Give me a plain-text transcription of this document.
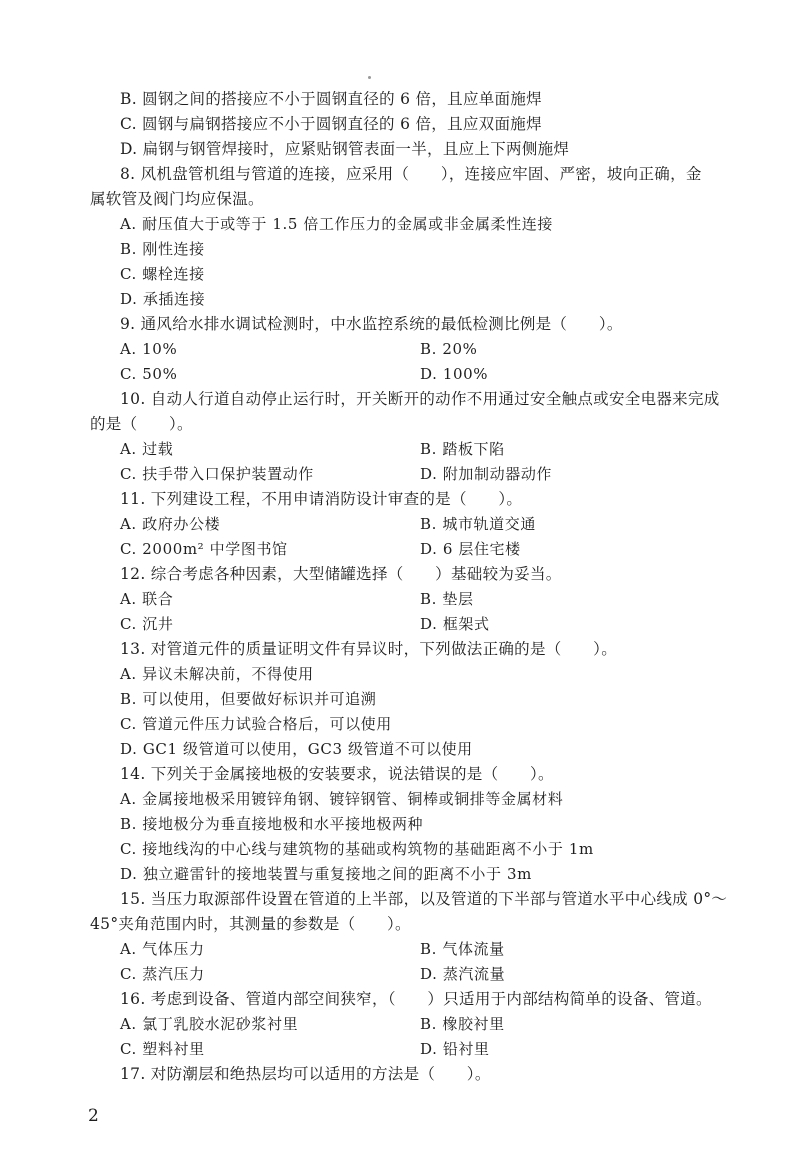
B. 圆钢之间的搭接应不小于圆钢直径的 6 倍，且应单面施焊
C. 圆钢与扁钢搭接应不小于圆钢直径的 6 倍，且应双面施焊
D. 扁钢与钢管焊接时，应紧贴钢管表面一半，且应上下两侧施焊
8. 风机盘管机组与管道的连接，应采用（　　），连接应牢固、严密，坡向正确，金
属软管及阀门均应保温。
A. 耐压值大于或等于 1.5 倍工作压力的金属或非金属柔性连接
B. 刚性连接
C. 螺栓连接
D. 承插连接
9. 通风给水排水调试检测时，中水监控系统的最低检测比例是（　　）。
A. 10%	B. 20%
C. 50%	D. 100%
10. 自动人行道自动停止运行时，开关断开的动作不用通过安全触点或安全电器来完成
的是（　　）。
A. 过载	B. 踏板下陷
C. 扶手带入口保护装置动作	D. 附加制动器动作
11. 下列建设工程，不用申请消防设计审查的是（　　）。
A. 政府办公楼	B. 城市轨道交通
C. 2000m² 中学图书馆	D. 6 层住宅楼
12. 综合考虑各种因素，大型储罐选择（　　）基础较为妥当。
A. 联合	B. 垫层
C. 沉井	D. 框架式
13. 对管道元件的质量证明文件有异议时，下列做法正确的是（　　）。
A. 异议未解决前，不得使用
B. 可以使用，但要做好标识并可追溯
C. 管道元件压力试验合格后，可以使用
D. GC1 级管道可以使用，GC3 级管道不可以使用
14. 下列关于金属接地极的安装要求，说法错误的是（　　）。
A. 金属接地极采用镀锌角钢、镀锌钢管、铜棒或铜排等金属材料
B. 接地极分为垂直接地极和水平接地极两种
C. 接地线沟的中心线与建筑物的基础或构筑物的基础距离不小于 1m
D. 独立避雷针的接地装置与重复接地之间的距离不小于 3m
15. 当压力取源部件设置在管道的上半部，以及管道的下半部与管道水平中心线成 0°～
45°夹角范围内时，其测量的参数是（　　）。
A. 气体压力	B. 气体流量
C. 蒸汽压力	D. 蒸汽流量
16. 考虑到设备、管道内部空间狭窄，（　　）只适用于内部结构简单的设备、管道。
A. 氯丁乳胶水泥砂浆衬里	B. 橡胶衬里
C. 塑料衬里	D. 铅衬里
17. 对防潮层和绝热层均可以适用的方法是（　　）。
2
